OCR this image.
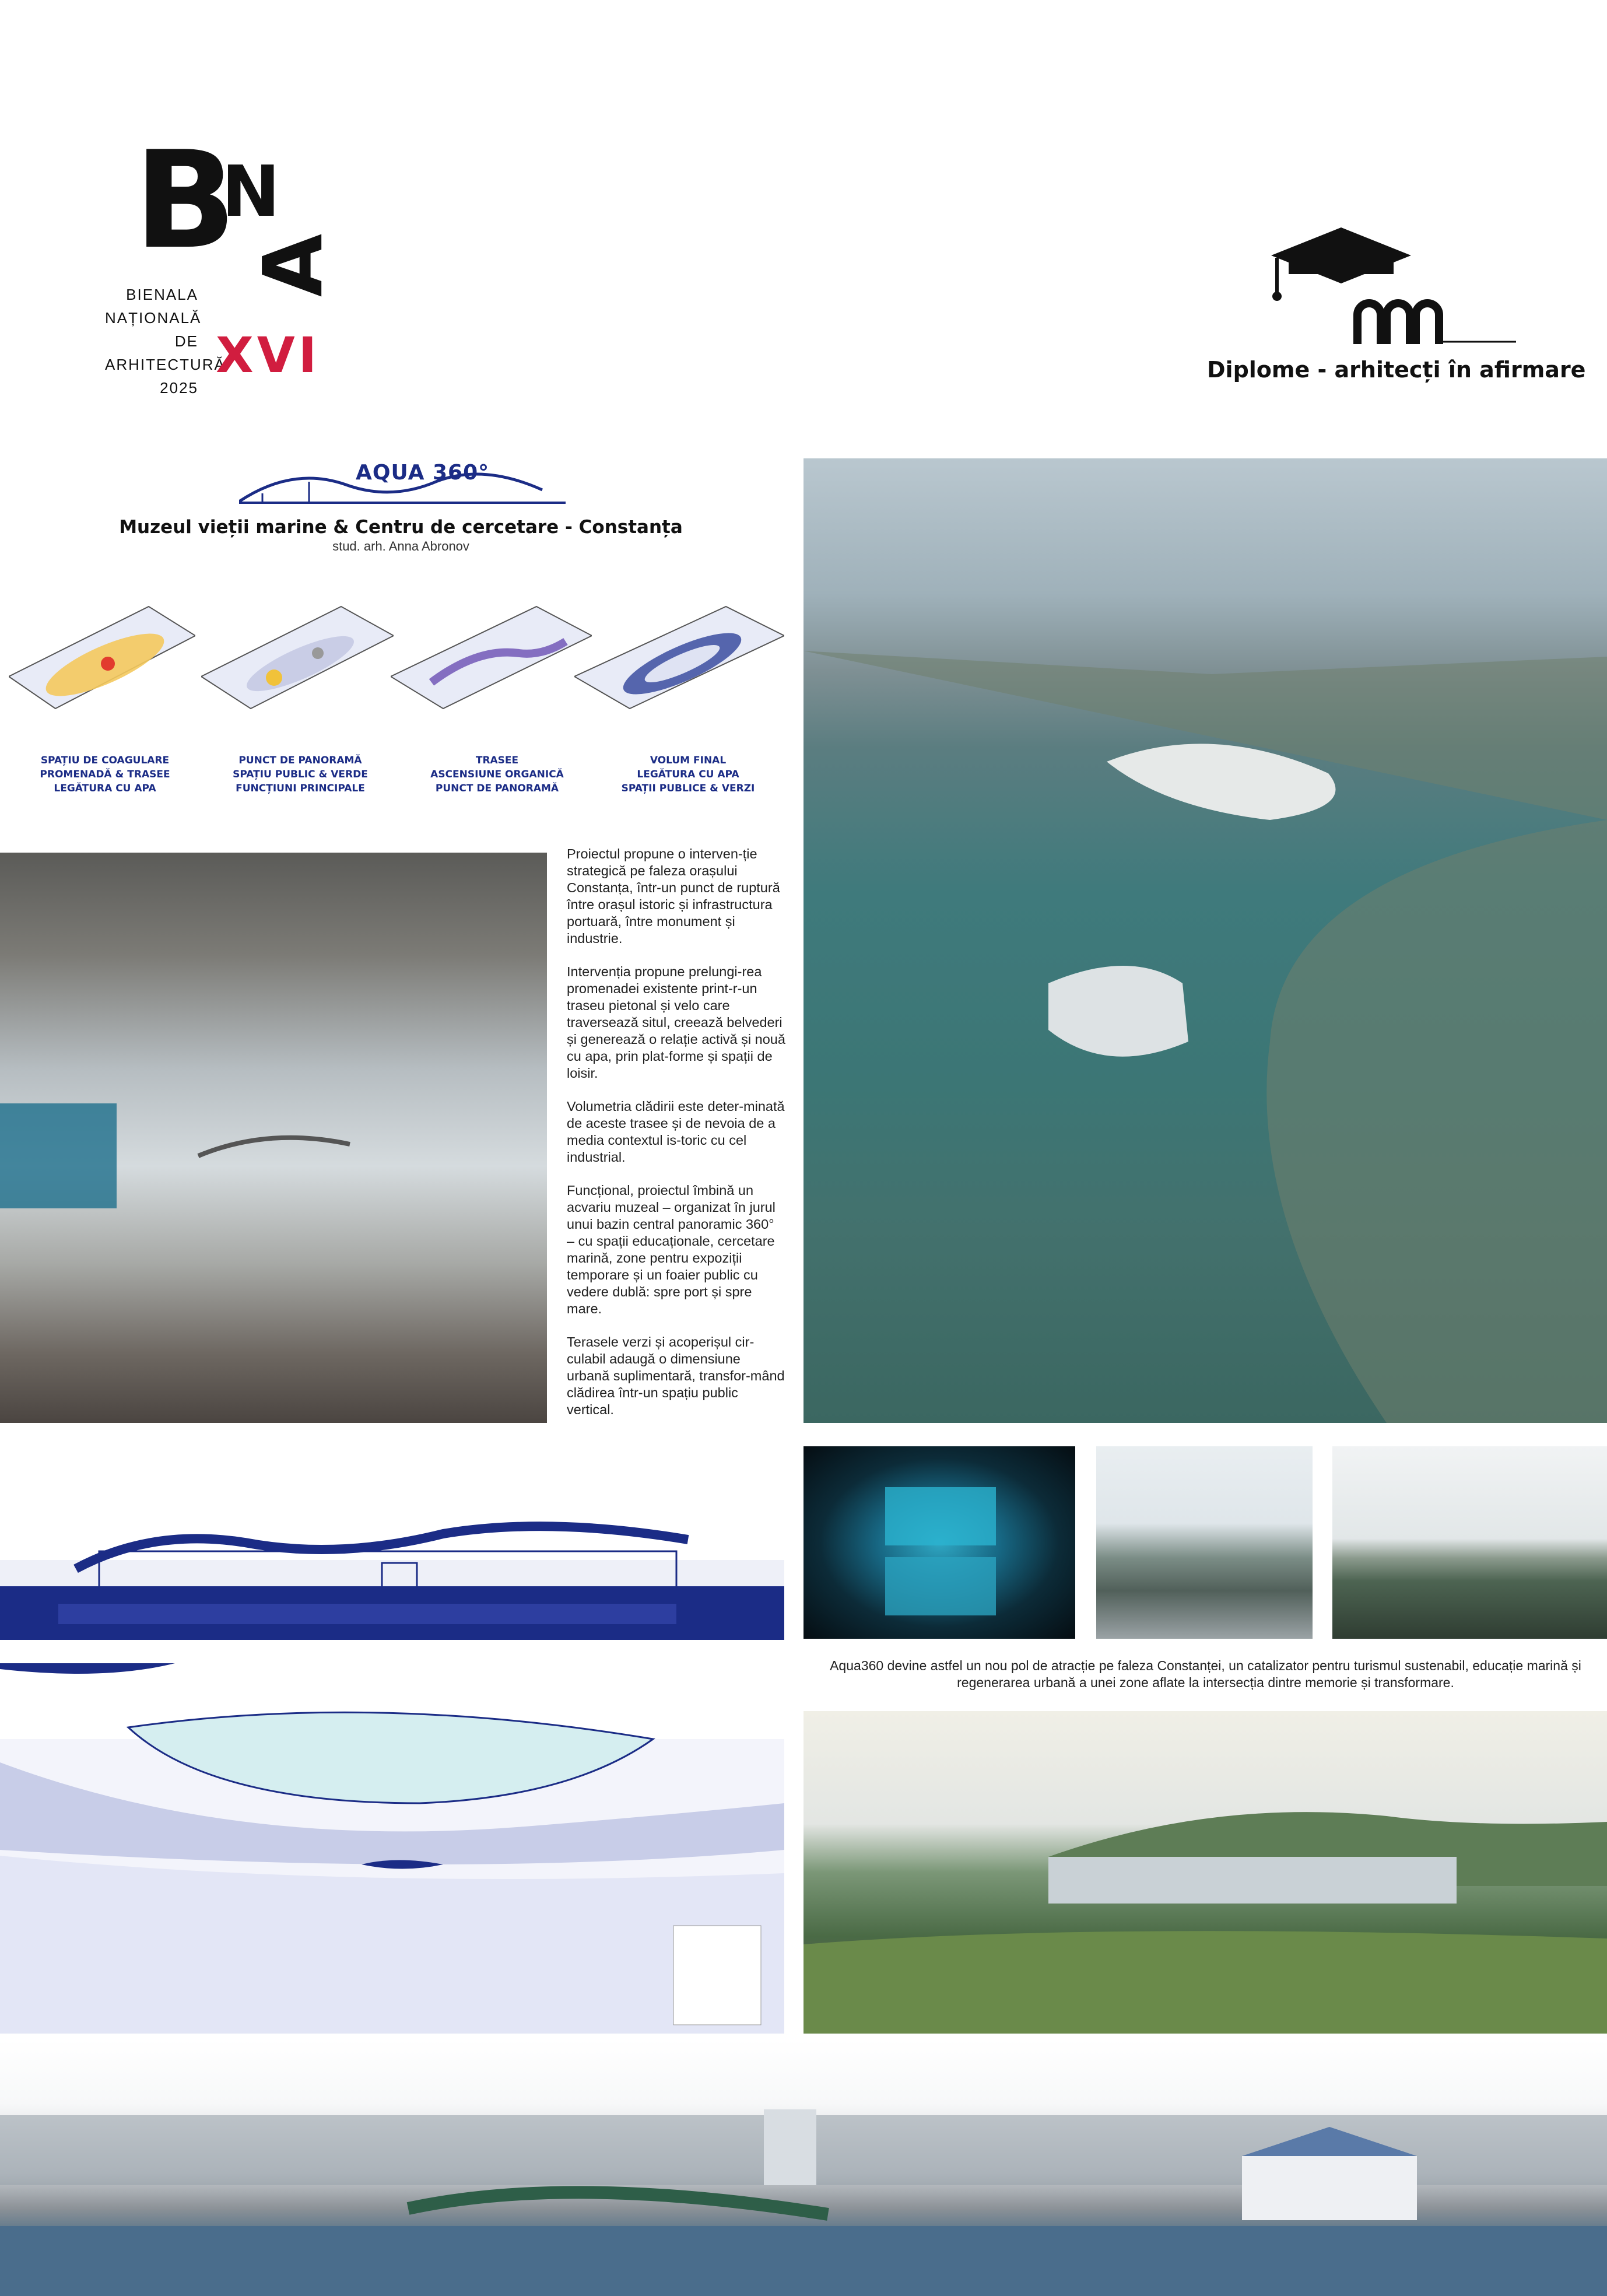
B
N
A
BIENALA
NAȚIONALĂ
DE
ARHITECTURĂ
2025
XVI	Diplome - arhitecți în afirmare
AQUA 360°
Muzeul vieții marine & Centru de cercetare - Constanța
stud. arh. Anna Abronov
SPAȚIU DE COAGULARE
PROMENADĂ & TRASEE
LEGĂTURA CU APA
PUNCT DE PANORAMĂ
SPAȚIU PUBLIC & VERDE
FUNCȚIUNI PRINCIPALE
TRASEE
ASCENSIUNE ORGANICĂ
PUNCT DE PANORAMĂ
VOLUM FINAL
LEGĂTURA CU APA
SPAȚII PUBLICE & VERZI

Proiectul propune o interven-ție strategică pe faleza orașului Constanța, într-un punct de ruptură între orașul istoric și infrastructura portuară, între monument și industrie.

Intervenția propune prelungi-rea promenadei existente print-r-un traseu pietonal și velo care traversează situl, creează belvederi și generează o relație activă și nouă cu apa, prin plat-forme și spații de loisir.

Volumetria clădirii este deter-minată de aceste trasee și de nevoia de a media contextul is-toric cu cel industrial.

Funcțional, proiectul îmbină un acvariu muzeal – organizat în jurul unui bazin central panoramic 360° – cu spații educaționale, cercetare marină, zone pentru expoziții temporare și un foaier public cu vedere dublă: spre port și spre mare.

Terasele verzi și acoperișul cir-culabil adaugă o dimensiune urbană suplimentară, transfor-mând clădirea într-un spațiu public vertical.

Aqua360 devine astfel un nou pol de atracție pe faleza Constanței, un catalizator pentru turismul sustenabil, educație marină și regenerarea urbană a unei zone aflate la intersecția dintre memorie și transformare.
